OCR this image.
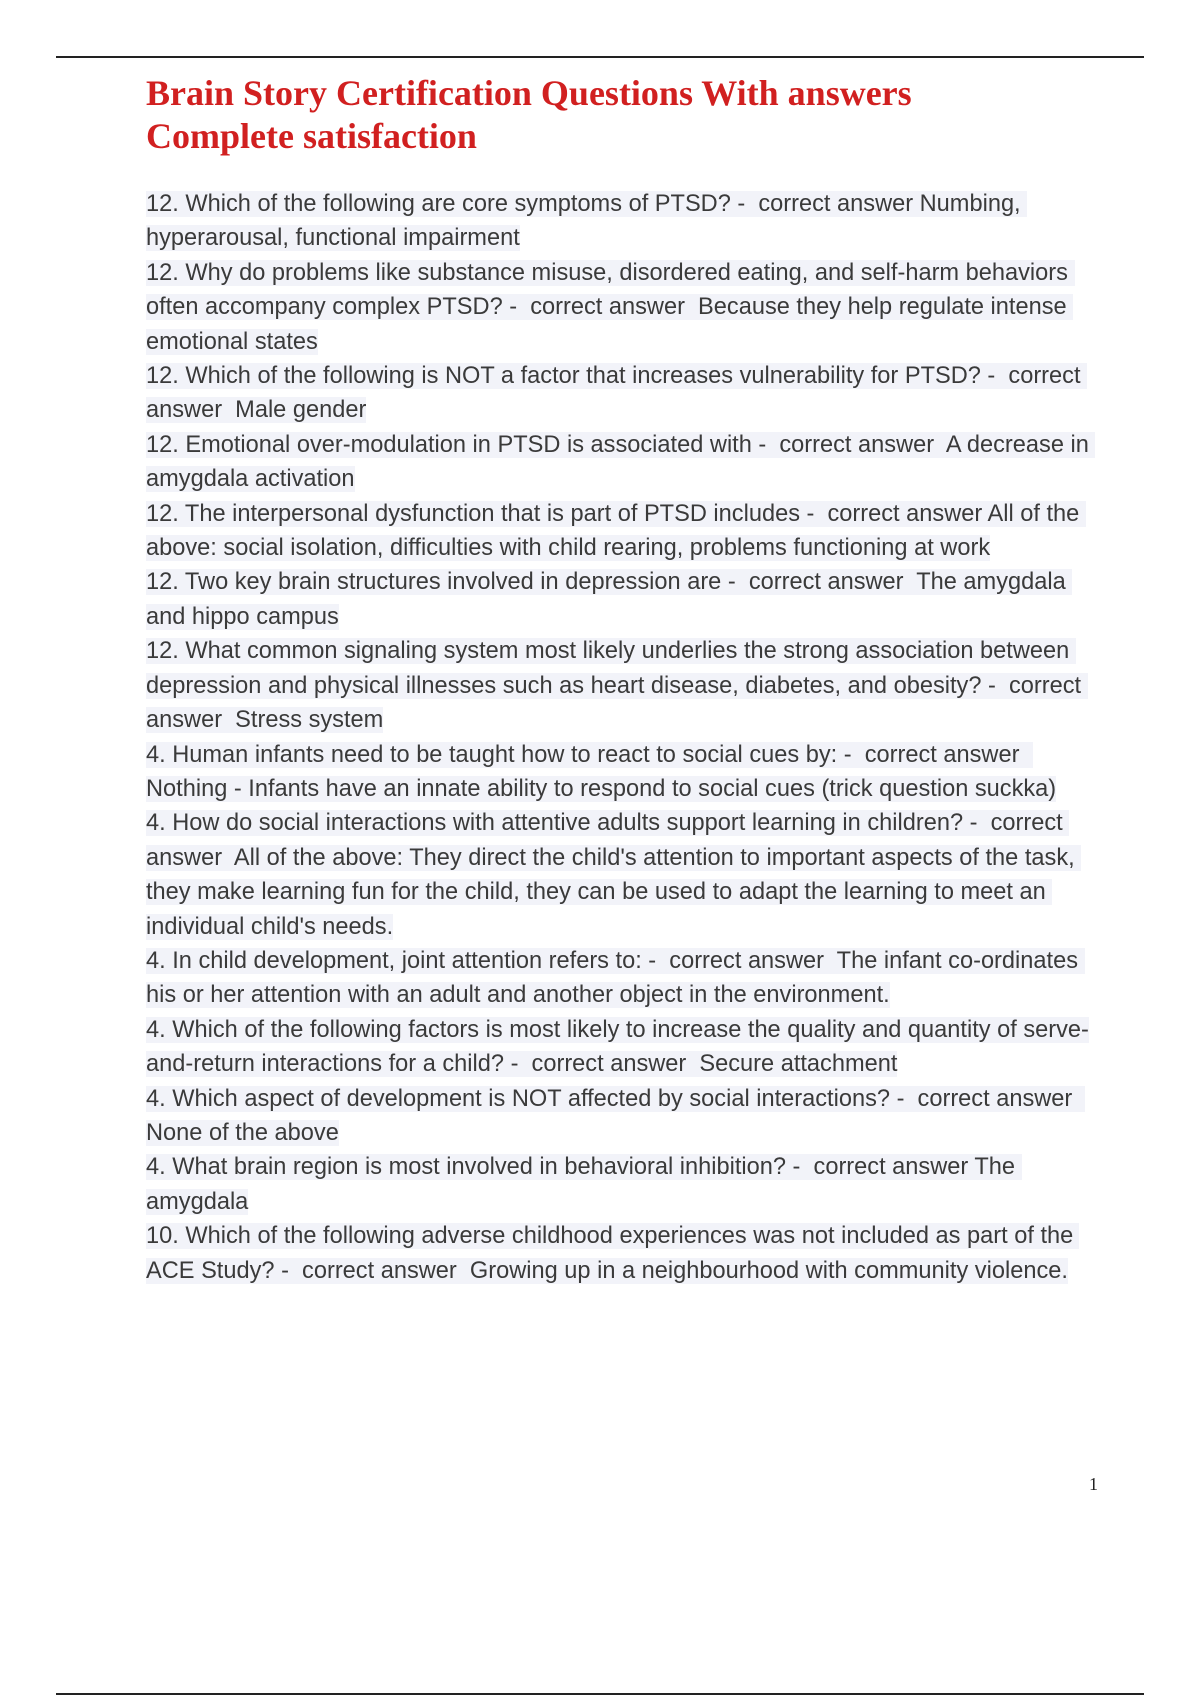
Brain Story Certification Questions With answers
Complete satisfaction
12. Which of the following are core symptoms of PTSD? -  correct answer Numbing, hyperarousal, functional impairment
12. Why do problems like substance misuse, disordered eating, and self-harm behaviors often accompany complex PTSD? -  correct answer  Because they help regulate intense emotional states
12. Which of the following is NOT a factor that increases vulnerability for PTSD? -  correct answer  Male gender
12. Emotional over-modulation in PTSD is associated with -  correct answer  A decrease in amygdala activation
12. The interpersonal dysfunction that is part of PTSD includes -  correct answer All of the above: social isolation, difficulties with child rearing, problems functioning at work
12. Two key brain structures involved in depression are -  correct answer  The amygdala and hippo campus
12. What common signaling system most likely underlies the strong association between depression and physical illnesses such as heart disease, diabetes, and obesity? -  correct answer  Stress system
4. Human infants need to be taught how to react to social cues by: -  correct answer  Nothing - Infants have an innate ability to respond to social cues (trick question suckka)
4. How do social interactions with attentive adults support learning in children? -  correct answer  All of the above: They direct the child's attention to important aspects of the task, they make learning fun for the child, they can be used to adapt the learning to meet an individual child's needs.
4. In child development, joint attention refers to: -  correct answer  The infant co-ordinates his or her attention with an adult and another object in the environment.
4. Which of the following factors is most likely to increase the quality and quantity of serve-and-return interactions for a child? -  correct answer  Secure attachment
4. Which aspect of development is NOT affected by social interactions? -  correct answer  None of the above
4. What brain region is most involved in behavioral inhibition? -  correct answer The amygdala
10. Which of the following adverse childhood experiences was not included as part of the ACE Study? -  correct answer  Growing up in a neighbourhood with community violence.
1
